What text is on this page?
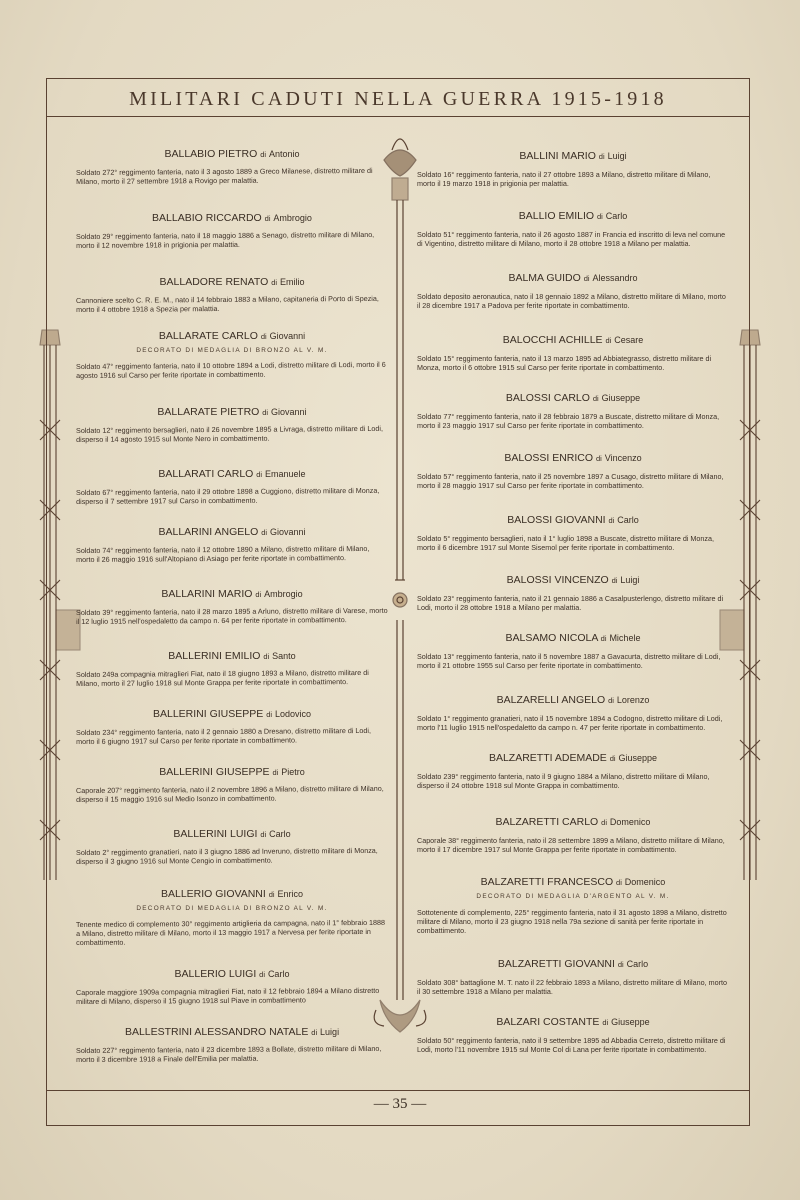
MILITARI CADUTI NELLA GUERRA 1915-1918
— 35 —
BALLABIO PIETRO di Antonio
Soldato 272° reggimento fanteria, nato il 3 agosto 1889 a Greco Milanese, distretto militare di Milano, morto il 27 settembre 1918 a Rovigo per malattia.
BALLABIO RICCARDO di Ambrogio
Soldato 29° reggimento fanteria, nato il 18 maggio 1886 a Senago, distretto militare di Milano, morto il 12 novembre 1918 in prigionia per malattia.
BALLADORE RENATO di Emilio
Cannoniere scelto C. R. E. M., nato il 14 febbraio 1883 a Milano, capitaneria di Porto di Spezia, morto il 4 ottobre 1918 a Spezia per malattia.
BALLARATE CARLO di Giovanni
DECORATO DI MEDAGLIA DI BRONZO AL V. M.
Soldato 47° reggimento fanteria, nato il 10 ottobre 1894 a Lodi, distretto militare di Lodi, morto il 6 agosto 1916 sul Carso per ferite riportate in combattimento.
BALLARATE PIETRO di Giovanni
Soldato 12° reggimento bersaglieri, nato il 26 novembre 1895 a Livraga, distretto militare di Lodi, disperso il 14 agosto 1915 sul Monte Nero in combattimento.
BALLARATI CARLO di Emanuele
Soldato 67° reggimento fanteria, nato il 29 ottobre 1898 a Cuggiono, distretto militare di Monza, disperso il 7 settembre 1917 sul Carso in combattimento.
BALLARINI ANGELO di Giovanni
Soldato 74° reggimento fanteria, nato il 12 ottobre 1890 a Milano, distretto militare di Milano, morto il 26 maggio 1916 sull'Altopiano di Asiago per ferite riportate in combattimento.
BALLARINI MARIO di Ambrogio
Soldato 39° reggimento fanteria, nato il 28 marzo 1895 a Arluno, distretto militare di Varese, morto il 12 luglio 1915 nell'ospedaletto da campo n. 64 per ferite riportate in combattimento.
BALLERINI EMILIO di Santo
Soldato 249a compagnia mitraglieri Fiat, nato il 18 giugno 1893 a Milano, distretto militare di Milano, morto il 27 luglio 1918 sul Monte Grappa per ferite riportate in combattimento.
BALLERINI GIUSEPPE di Lodovico
Soldato 234° reggimento fanteria, nato il 2 gennaio 1880 a Dresano, distretto militare di Lodi, morto il 6 giugno 1917 sul Carso per ferite riportate in combattimento.
BALLERINI GIUSEPPE di Pietro
Caporale 207° reggimento fanteria, nato il 2 novembre 1896 a Milano, distretto militare di Milano, disperso il 15 maggio 1916 sul Medio Isonzo in combattimento.
BALLERINI LUIGI di Carlo
Soldato 2° reggimento granatieri, nato il 3 giugno 1886 ad Inveruno, distretto militare di Monza, disperso il 3 giugno 1916 sul Monte Cengio in combattimento.
BALLERIO GIOVANNI di Enrico
DECORATO DI MEDAGLIA DI BRONZO AL V. M.
Tenente medico di complemento 30° reggimento artiglieria da campagna, nato il 1° febbraio 1888 a Milano, distretto militare di Milano, morto il 13 maggio 1917 a Nervesa per ferite riportate in combattimento.
BALLERIO LUIGI di Carlo
Caporale maggiore 1909a compagnia mitraglieri Fiat, nato il 12 febbraio 1894 a Milano distretto militare di Milano, disperso il 15 giugno 1918 sul Piave in combattimento
BALLESTRINI ALESSANDRO NATALE di Luigi
Soldato 227° reggimento fanteria, nato il 23 dicembre 1893 a Bollate, distretto militare di Milano, morto il 3 dicembre 1918 a Finale dell'Emilia per malattia.
BALLINI MARIO di Luigi
Soldato 16° reggimento fanteria, nato il 27 ottobre 1893 a Milano, distretto militare di Milano, morto il 19 marzo 1918 in prigionia per malattia.
BALLIO EMILIO di Carlo
Soldato 51° reggimento fanteria, nato il 26 agosto 1887 in Francia ed inscritto di leva nel comune di Vigentino, distretto militare di Milano, morto il 28 ottobre 1918 a Milano per malattia.
BALMA GUIDO di Alessandro
Soldato deposito aeronautica, nato il 18 gennaio 1892 a Milano, distretto militare di Milano, morto il 28 dicembre 1917 a Padova per ferite riportate in combattimento.
BALOCCHI ACHILLE di Cesare
Soldato 15° reggimento fanteria, nato il 13 marzo 1895 ad Abbiategrasso, distretto militare di Monza, morto il 6 ottobre 1915 sul Carso per ferite riportate in combattimento.
BALOSSI CARLO di Giuseppe
Soldato 77° reggimento fanteria, nato il 28 febbraio 1879 a Buscate, distretto militare di Monza, morto il 23 maggio 1917 sul Carso per ferite riportate in combattimento.
BALOSSI ENRICO di Vincenzo
Soldato 57° reggimento fanteria, nato il 25 novembre 1897 a Cusago, distretto militare di Milano, morto il 28 maggio 1917 sul Carso per ferite riportate in combattimento.
BALOSSI GIOVANNI di Carlo
Soldato 5° reggimento bersaglieri, nato il 1° luglio 1898 a Buscate, distretto militare di Monza, morto il 6 dicembre 1917 sul Monte Sisemol per ferite riportate in combattimento.
BALOSSI VINCENZO di Luigi
Soldato 23° reggimento fanteria, nato il 21 gennaio 1886 a Casalpusterlengo, distretto militare di Lodi, morto il 28 ottobre 1918 a Milano per malattia.
BALSAMO NICOLA di Michele
Soldato 13° reggimento fanteria, nato il 5 novembre 1887 a Gavacurta, distretto militare di Lodi, morto il 21 ottobre 1955 sul Carso per ferite riportate in combattimento.
BALZARELLI ANGELO di Lorenzo
Soldato 1° reggimento granatieri, nato il 15 novembre 1894 a Codogno, distretto militare di Lodi, morto l'11 luglio 1915 nell'ospedaletto da campo n. 47 per ferite riportate in combattimento.
BALZARETTI ADEMADE di Giuseppe
Soldato 239° reggimento fanteria, nato il 9 giugno 1884 a Milano, distretto militare di Milano, disperso il 24 ottobre 1918 sul Monte Grappa in combattimento.
BALZARETTI CARLO di Domenico
Caporale 38° reggimento fanteria, nato il 28 settembre 1899 a Milano, distretto militare di Milano, morto il 17 dicembre 1917 sul Monte Grappa per ferite riportate in combattimento.
BALZARETTI FRANCESCO di Domenico
DECORATO DI MEDAGLIA D'ARGENTO AL V. M.
Sottotenente di complemento, 225° reggimento fanteria, nato il 31 agosto 1898 a Milano, distretto militare di Milano, morto il 23 giugno 1918 nella 79a sezione di sanità per ferite riportate in combattimento.
BALZARETTI GIOVANNI di Carlo
Soldato 308° battaglione M. T. nato il 22 febbraio 1893 a Milano, distretto militare di Milano, morto il 30 settembre 1918 a Milano per malattia.
BALZARI COSTANTE di Giuseppe
Soldato 50° reggimento fanteria, nato il 9 settembre 1895 ad Abbadia Cerreto, distretto militare di Lodi, morto l'11 novembre 1915 sul Monte Col di Lana per ferite riportate in combattimento.
